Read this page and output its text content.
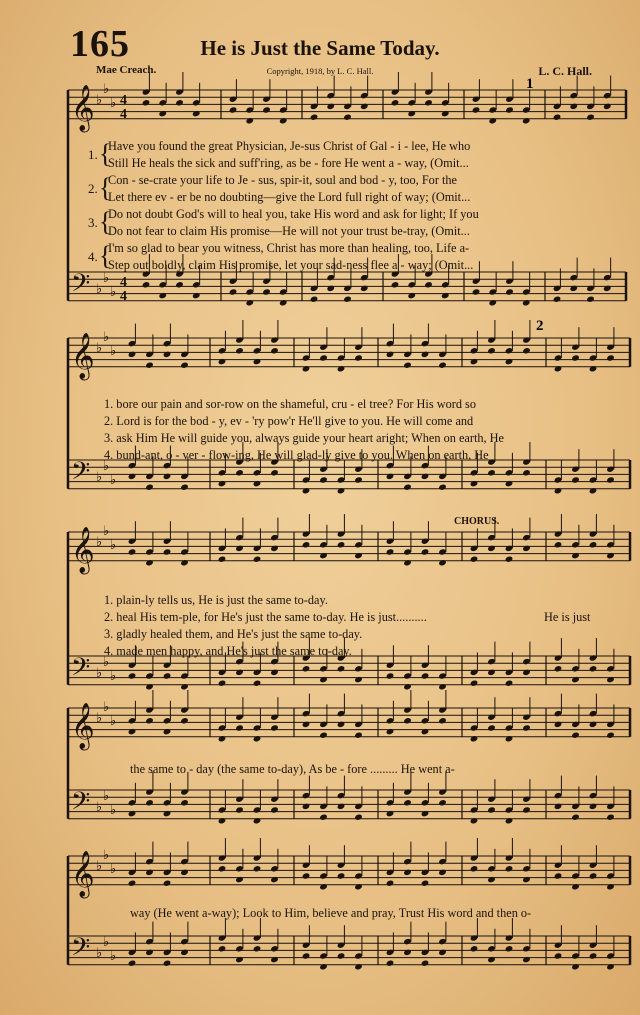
165	He is Just the Same Today.
Mae Creach.	Copyright, 1918, by L. C. Hall.	L. C. Hall.
𝄞 ♭
♭
♭ 4
4
𝄢 ♭
♭
♭
4
4
𝄞 ♭
♭
♭
𝄢 ♭
♭
♭
𝄞 ♭
♭
♭
𝄢 ♭
♭
♭
𝄞 ♭
♭
♭
𝄢 ♭
♭
♭
𝄞 ♭
♭
♭
𝄢 ♭
♭
♭
1
2
CHORUS.
1. {
Have you found the great Physician, Je-sus Christ of Gal - i - lee, He who
Still He heals the sick and suff'ring, as be - fore He went a - way, (Omit...
2. {
Con - se-crate your life to Je - sus, spir-it, soul and bod - y, too, For the
Let there ev - er be no doubting—give the Lord full right of way; (Omit...
3. {
Do not doubt God's will to heal you, take His word and ask for light; If you
Do not fear to claim His promise—He will not your trust be-tray, (Omit...
4. {
I'm so glad to bear you witness, Christ has more than healing, too, Life a-
Step out boldly, claim His promise, let your sad-ness flee a - way; (Omit...
1. bore our pain and sor-row on the shameful, cru - el tree? For His word so
2. Lord is for the bod - y, ev - 'ry pow'r He'll give to you. He will come and
3. ask Him He will guide you, always guide your heart aright; When on earth, He
4. bund-ant, o - ver - flow-ing, He will glad-ly give to you. When on earth, He
1. plain-ly tells us, He is just the same to-day.
2. heal His tem-ple, for He's just the same to-day. He is just..........
3. gladly healed them, and He's just the same to-day.
4. made men happy, and He's just the same to-day.
He is just
the same to - day (the same to-day), As be - fore ......... He went a-
way (He went a-way); Look to Him, believe and pray, Trust His word and then o-
